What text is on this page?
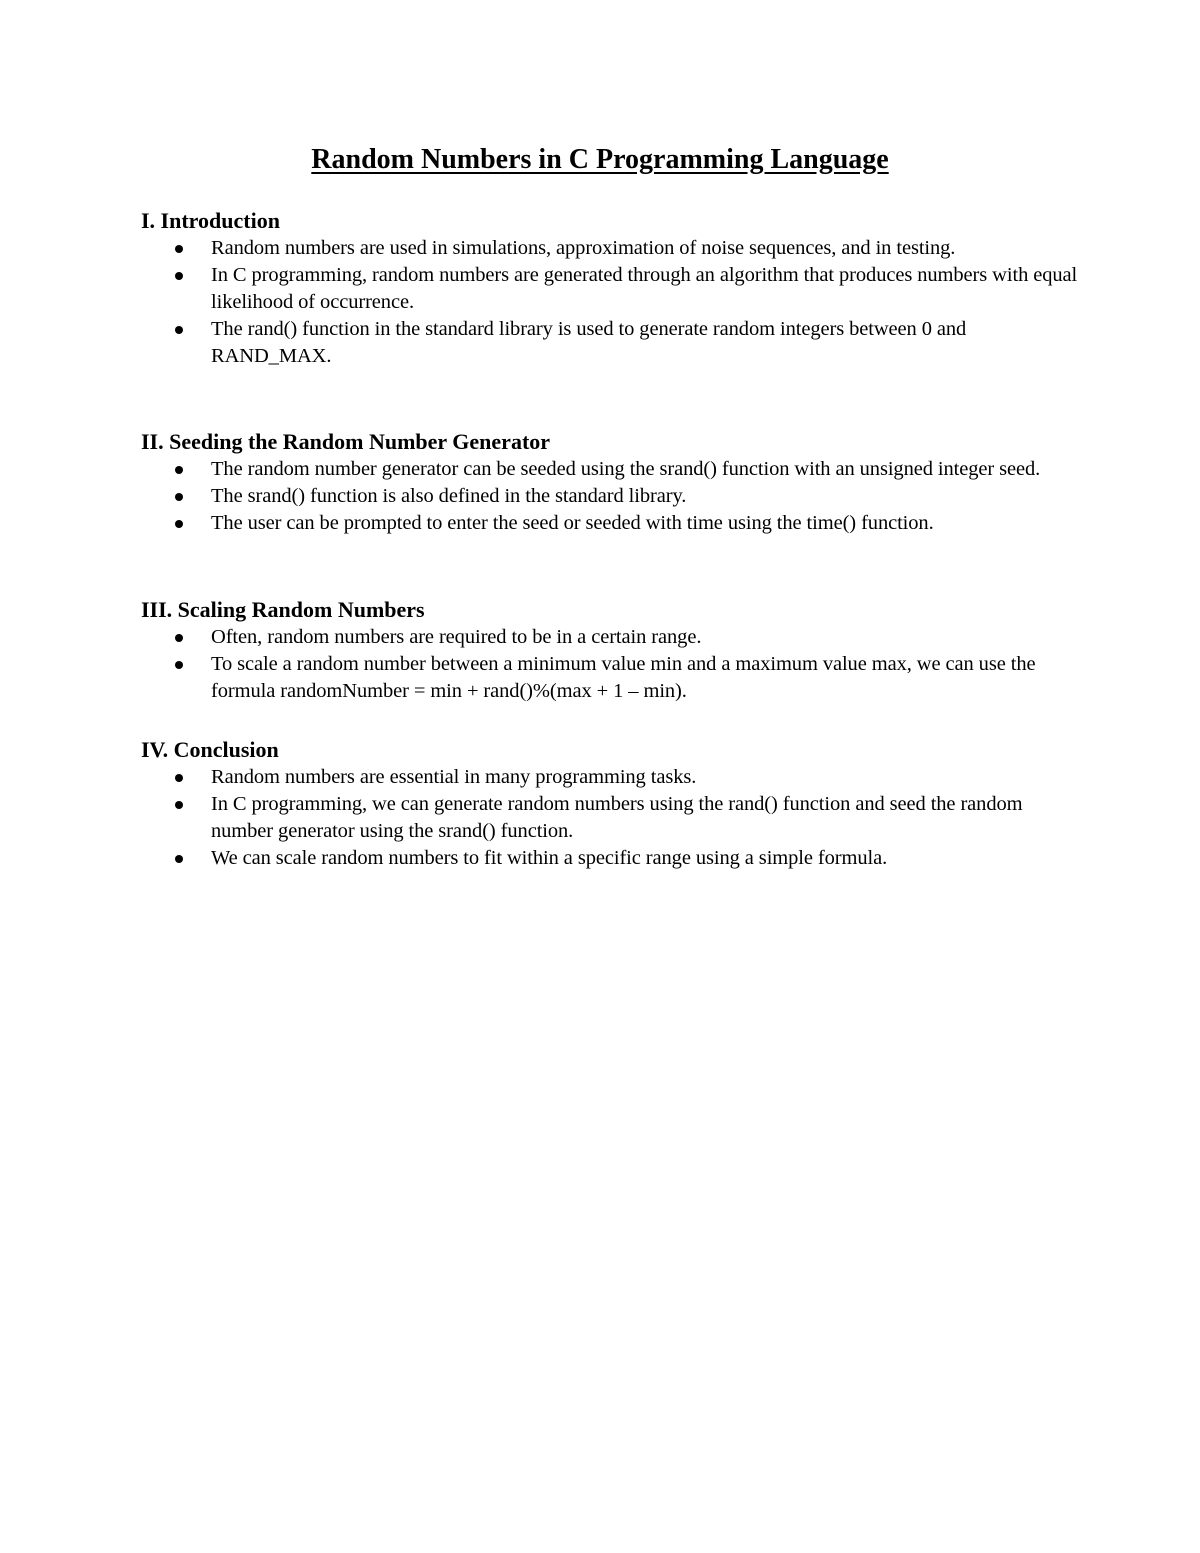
Random Numbers in C Programming Language
I. Introduction
Random numbers are used in simulations, approximation of noise sequences, and in testing.
In C programming, random numbers are generated through an algorithm that produces numbers with equal likelihood of occurrence.
The rand() function in the standard library is used to generate random integers between 0 and RAND_MAX.
II. Seeding the Random Number Generator
The random number generator can be seeded using the srand() function with an unsigned integer seed.
The srand() function is also defined in the standard library.
The user can be prompted to enter the seed or seeded with time using the time() function.
III. Scaling Random Numbers
Often, random numbers are required to be in a certain range.
To scale a random number between a minimum value min and a maximum value max, we can use the formula randomNumber = min + rand()%(max + 1 – min).
IV. Conclusion
Random numbers are essential in many programming tasks.
In C programming, we can generate random numbers using the rand() function and seed the random number generator using the srand() function.
We can scale random numbers to fit within a specific range using a simple formula.
